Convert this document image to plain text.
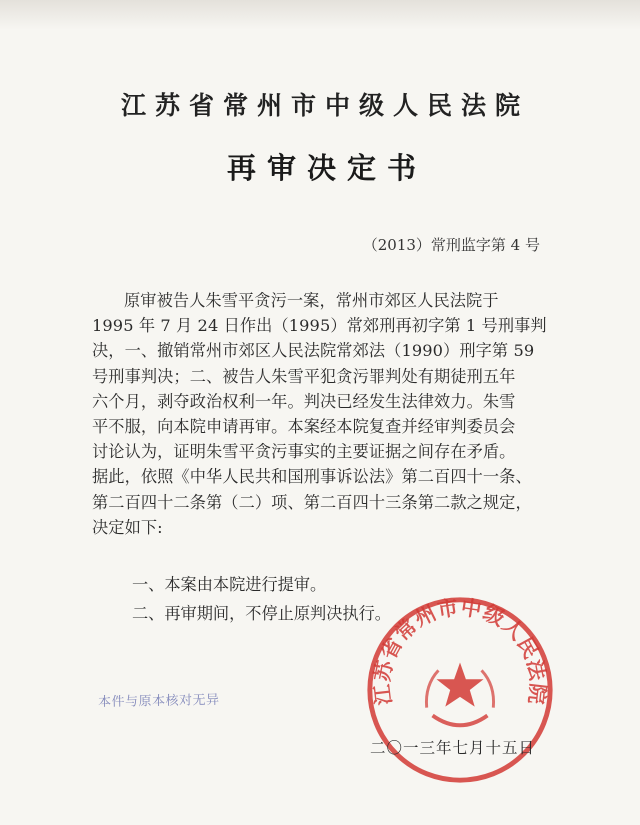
江苏省常州市中级人民法院
再审决定书
（2013）常刑监字第 4 号
原审被告人朱雪平贪污一案，常州市郊区人民法院于
1995 年 7 月 24 日作出（1995）常郊刑再初字第 1 号刑事判
决，一、撤销常州市郊区人民法院常郊法（1990）刑字第 59
号刑事判决；二、被告人朱雪平犯贪污罪判处有期徒刑五年
六个月，剥夺政治权利一年。判决已经发生法律效力。朱雪
平不服，向本院申请再审。本案经本院复查并经审判委员会
讨论认为，证明朱雪平贪污事实的主要证据之间存在矛盾。
据此，依照《中华人民共和国刑事诉讼法》第二百四十一条、
第二百四十二条第（二）项、第二百四十三条第二款之规定，
决定如下:
一、本案由本院进行提审。
二、再审期间，不停止原判决执行。
本件与原本核对无异	江苏省常州市中级人民法院
二〇一三年七月十五日
